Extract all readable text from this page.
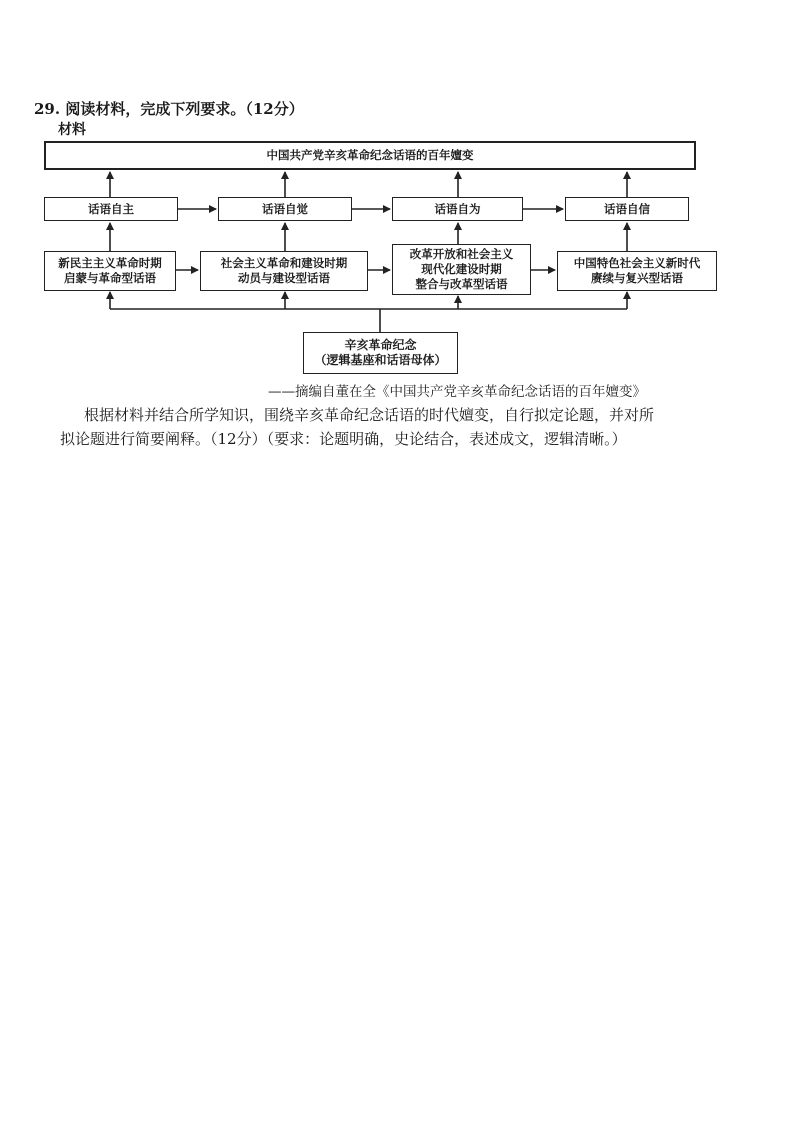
29. 阅读材料，完成下列要求。（12分）
材料
中国共产党辛亥革命纪念话语的百年嬗变
话语自主	话语自觉	话语自为	话语自信
新民主主义革命时期
启蒙与革命型话语
社会主义革命和建设时期
动员与建设型话语
改革开放和社会主义
现代化建设时期
整合与改革型话语
中国特色社会主义新时代
赓续与复兴型话语
辛亥革命纪念
（逻辑基座和话语母体）
——摘编自董在全《中国共产党辛亥革命纪念话语的百年嬗变》
根据材料并结合所学知识，围绕辛亥革命纪念话语的时代嬗变，自行拟定论题，并对所
拟论题进行简要阐释。（12分）（要求：论题明确，史论结合，表述成文，逻辑清晰。）
